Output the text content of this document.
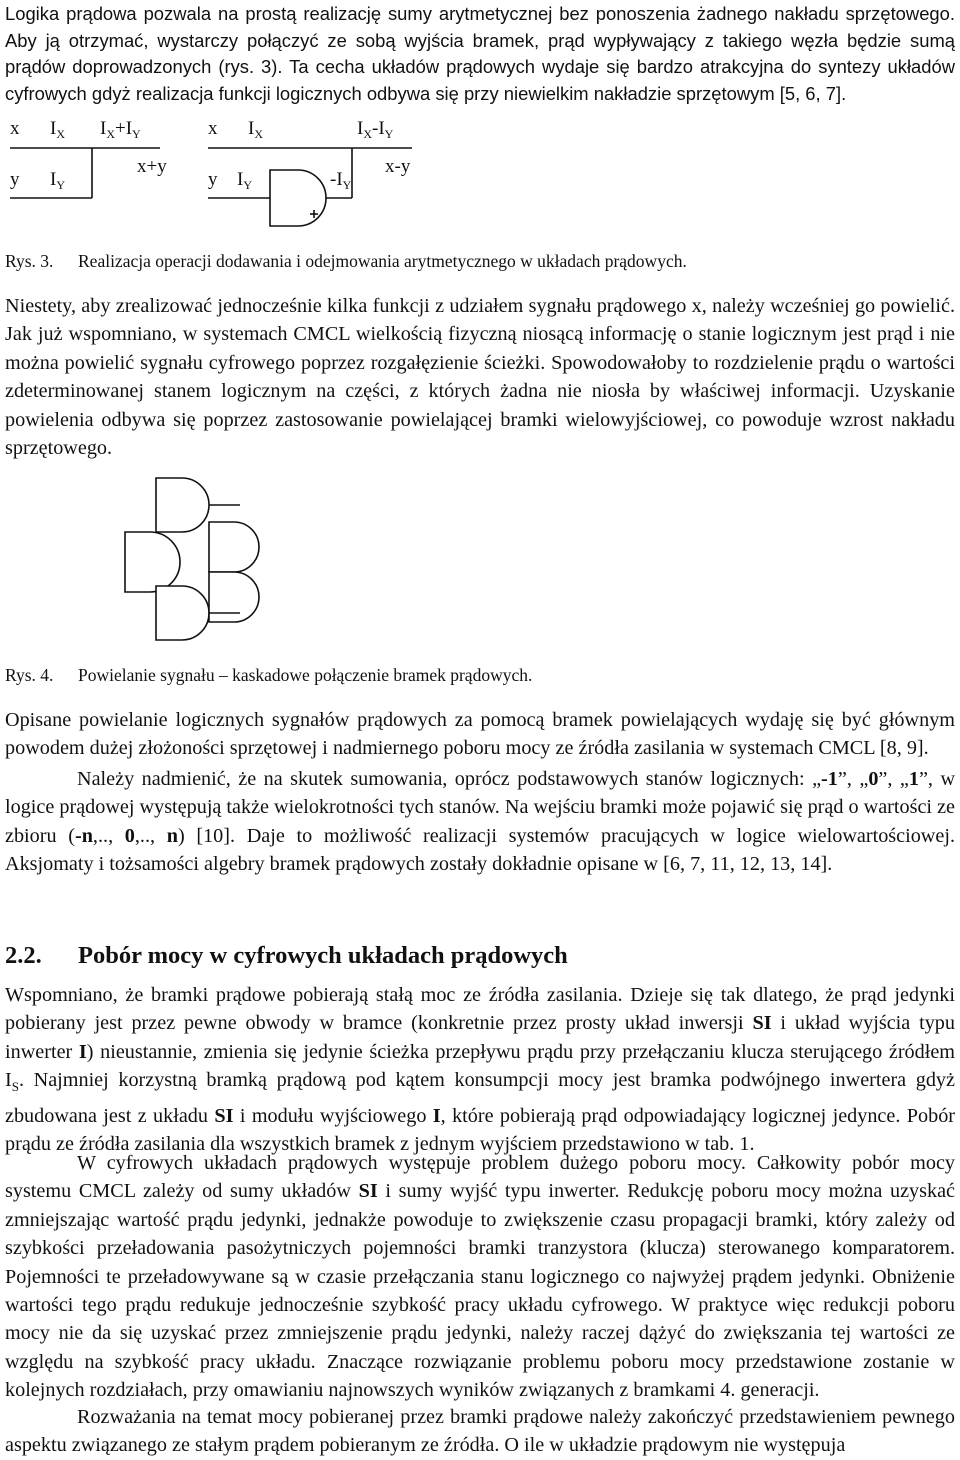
Logika prądowa pozwala na prostą realizację sumy arytmetycznej bez ponoszenia żadnego nakładu sprzętowego. Aby ją otrzymać, wystarczy połączyć ze sobą wyjścia bramek, prąd wypływający z takiego węzła będzie sumą prądów doprowadzonych (rys. 3). Ta cecha układów prądowych wydaje się bardzo atrakcyjna do syntezy układów cyfrowych gdyż realizacja funkcji logicznych odbywa się przy niewielkim nakładzie sprzętowym [5, 6, 7].

x
y
$I_X$
$I_Y$
$I_X+I_Y$
x+y
x
y
$I_X$
$I_Y$
$I_X-I_Y$
$-I_Y$
x-y
Rys. 3. Realizacja operacji dodawania i odejmowania arytmetycznego w układach prądowych.

Niestety, aby zrealizować jednocześnie kilka funkcji z udziałem sygnału prądowego x, należy wcześniej go powielić. Jak już wspomniano, w systemach CMCL wielkością fizyczną niosącą informację o stanie logicznym jest prąd i nie można powielić sygnału cyfrowego poprzez rozgałęzienie ścieżki. Spowodowałoby to rozdzielenie prądu o wartości zdeterminowanej stanem logicznym na części, z których żadna nie niosła by właściwej informacji. Uzyskanie powielenia odbywa się poprzez zastosowanie powielającej bramki wielowyjściowej, co powoduje wzrost nakładu sprzętowego.

Rys. 4. Powielanie sygnału – kaskadowe połączenie bramek prądowych.

Opisane powielanie logicznych sygnałów prądowych za pomocą bramek powielających wydaję się być głównym powodem dużej złożoności sprzętowej i nadmiernego poboru mocy ze źródła zasilania w systemach CMCL [8, 9].

Należy nadmienić, że na skutek sumowania, oprócz podstawowych stanów logicznych: „-1”, „0”, „1”, w logice prądowej występują także wielokrotności tych stanów. Na wejściu bramki może pojawić się prąd o wartości ze zbioru (-n,.., 0,.., n) [10]. Daje to możliwość realizacji systemów pracujących w logice wielowartościowej. Aksjomaty i tożsamości algebry bramek prądowych zostały dokładnie opisane w [6, 7, 11, 12, 13, 14].

2.2. Pobór mocy w cyfrowych układach prądowych

Wspomniano, że bramki prądowe pobierają stałą moc ze źródła zasilania. Dzieje się tak dlatego, że prąd jedynki pobierany jest przez pewne obwody w bramce (konkretnie przez prosty układ inwersji SI i układ wyjścia typu inwerter I) nieustannie, zmienia się jedynie ścieżka przepływu prądu przy przełączaniu klucza sterującego źródłem $I_S$. Najmniej korzystną bramką prądową pod kątem konsumpcji mocy jest bramka podwójnego inwertera gdyż zbudowana jest z układu SI i modułu wyjściowego I, które pobierają prąd odpowiadający logicznej jedynce. Pobór prądu ze źródła zasilania dla wszystkich bramek z jednym wyjściem przedstawiono w tab. 1.

W cyfrowych układach prądowych występuje problem dużego poboru mocy. Całkowity pobór mocy systemu CMCL zależy od sumy układów SI i sumy wyjść typu inwerter. Redukcję poboru mocy można uzyskać zmniejszając wartość prądu jedynki, jednakże powoduje to zwiększenie czasu propagacji bramki, który zależy od szybkości przeładowania pasożytniczych pojemności bramki tranzystora (klucza) sterowanego komparatorem. Pojemności te przeładowywane są w czasie przełączania stanu logicznego co najwyżej prądem jedynki. Obniżenie wartości tego prądu redukuje jednocześnie szybkość pracy układu cyfrowego. W praktyce więc redukcji poboru mocy nie da się uzyskać przez zmniejszenie prądu jedynki, należy raczej dążyć do zwiększania tej wartości ze względu na szybkość pracy układu. Znaczące rozwiązanie problemu poboru mocy przedstawione zostanie w kolejnych rozdziałach, przy omawianiu najnowszych wyników związanych z bramkami 4. generacji.

Rozważania na temat mocy pobieranej przez bramki prądowe należy zakończyć przedstawieniem pewnego aspektu związanego ze stałym prądem pobieranym ze źródła. O ile w układzie prądowym nie występuja
